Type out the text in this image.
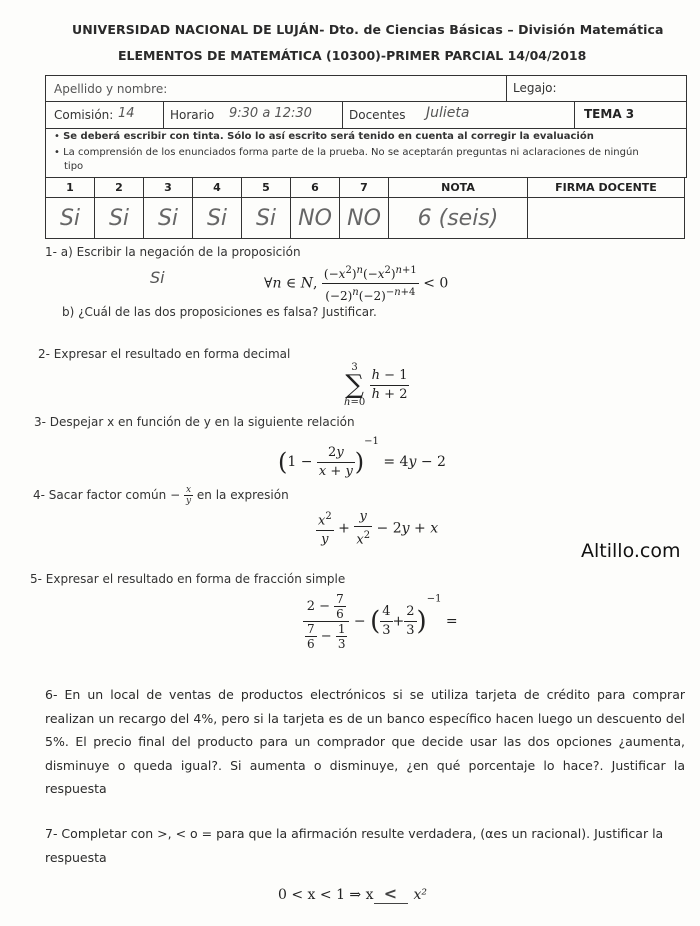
UNIVERSIDAD NACIONAL DE LUJÁN- Dto. de Ciencias Básicas – División Matemática
ELEMENTOS DE MATEMÁTICA (10300)-PRIMER PARCIAL 14/04/2018
Apellido y nombre:	Legajo:
Comisión: 14	Horario 9:30 a 12:30	Docentes Julieta	TEMA 3
• Se deberá escribir con tinta. Sólo lo así escrito será tenido en cuenta al corregir la evaluación
• La comprensión de los enunciados forma parte de la prueba. No se aceptarán preguntas ni aclaraciones de ningún
tipo
1	2	3	4	5	6	7	NOTA	FIRMA DOCENTE
Si	Si	Si	Si	Si	NO	NO	6 (seis)	
1- a) Escribir la negación de la proposición
Si	∀n ∈ N, $\frac{(-x^2)^n(-x^2)^{n+1}}{(-2)^n(-2)^{-n+4}} < 0$
b) ¿Cuál de las dos proposiciones es falsa? Justificar.
2- Expresar el resultado en forma decimal
3
∑
h=0
$\frac{h - 1}{h + 2}$
3- Despejar x en función de y en la siguiente relación
$(1 - \frac{2y}{x + y} )^{-1} = 4y - 2$
4- Sacar factor común − $\frac{x}{y}$ en la expresión
$\frac{x^2}{y} + \frac{y}{x^2} - 2y + x$
Altillo.com
5- Expresar el resultado en forma de fracción simple
$\frac{2 - \frac{7}{6}}{\frac{7}{6} - \frac{1}{3}}$ − ( $\frac{4}{3} + \frac{2}{3} )^{-1}$ =
6- En un local de ventas de productos electrónicos si se utiliza tarjeta de crédito para comprar realizan un recargo del 4%, pero si la tarjeta es de un banco específico hacen luego un descuento del 5%. El precio final del producto para un comprador que decide usar las dos opciones ¿aumenta, disminuye o queda igual?. Si aumenta o disminuye, ¿en qué porcentaje lo hace?. Justificar la respuesta
7- Completar con >, < o = para que la afirmación resulte verdadera, (αes un racional). Justificar la respuesta
0 < x < 1 ⇒ x < x²
